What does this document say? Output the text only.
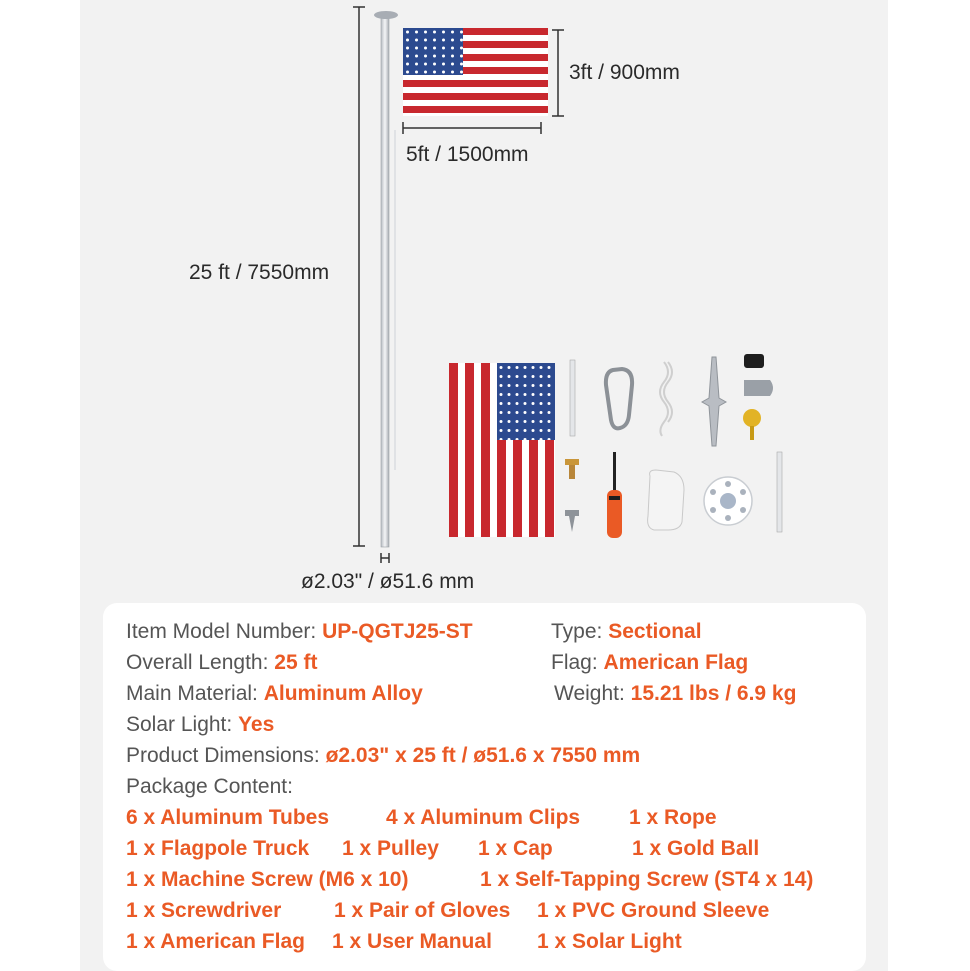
3ft / 900mm
5ft / 1500mm
25 ft / 7550mm
ø2.03" / ø51.6 mm
Item Model Number: UP-QGTJ25-ST	Type: Sectional
Overall Length: 25 ft	Flag: American Flag
Main Material: Aluminum Alloy	Weight: 15.21 lbs / 6.9 kg
Solar Light: Yes
Product Dimensions: ø2.03" x 25 ft / ø51.6 x 7550 mm
Package Content:
6 x Aluminum Tubes	4 x Aluminum Clips 1 x Rope
1 x Flagpole Truck 1 x Pulley 1 x Cap	1 x Gold Ball
1 x Machine Screw (M6 x 10)	1 x Self-Tapping Screw (ST4 x 14)
1 x Screwdriver	1 x Pair of Gloves 1 x PVC Ground Sleeve
1 x American Flag 1 x User Manual 1 x Solar Light
